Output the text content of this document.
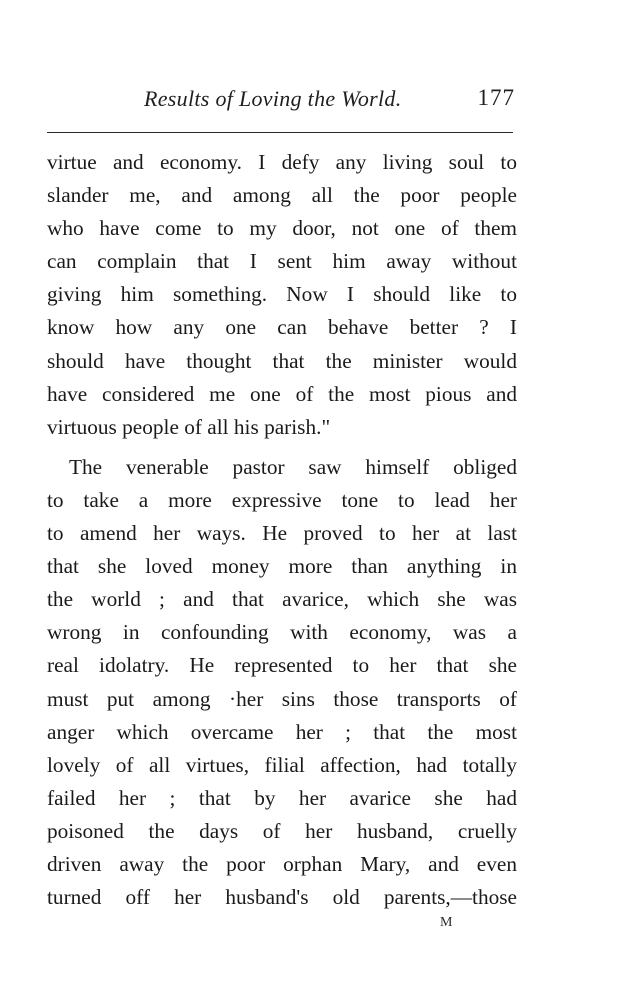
Results of Loving the World.	177
virtue and economy. I defy any living soul to
slander me, and among all the poor people
who have come to my door, not one of them
can complain that I sent him away without
giving him something. Now I should like to
know how any one can behave better ? I
should have thought that the minister would
have considered me one of the most pious and
virtuous people of all his parish."
The venerable pastor saw himself obliged
to take a more expressive tone to lead her
to amend her ways. He proved to her at last
that she loved money more than anything in
the world ; and that avarice, which she was
wrong in confounding with economy, was a
real idolatry. He represented to her that she
must put among ·her sins those transports of
anger which overcame her ; that the most
lovely of all virtues, filial affection, had totally
failed her ; that by her avarice she had
poisoned the days of her husband, cruelly
driven away the poor orphan Mary, and even
turned off her husband's old parents,—those
M
